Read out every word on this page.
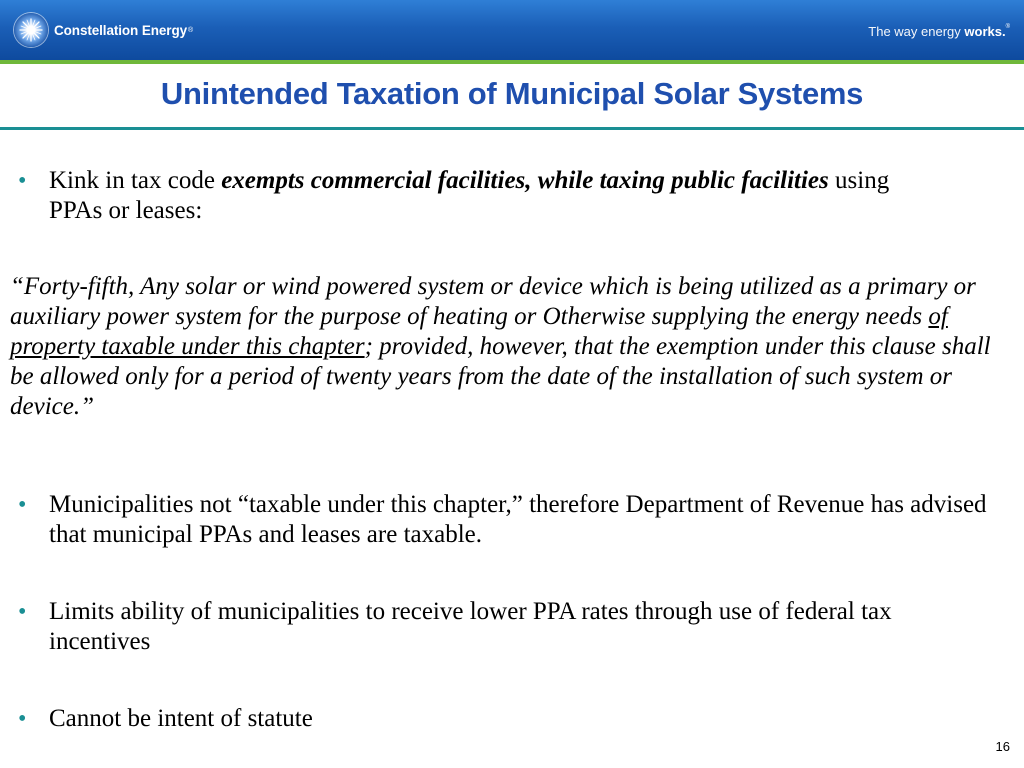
Constellation Energy ®	The way energy works.®
Unintended Taxation of Municipal Solar Systems
• Kink in tax code exempts commercial facilities, while taxing public facilities using PPAs or leases:
“Forty-fifth, Any solar or wind powered system or device which is being utilized as a primary or auxiliary power system for the purpose of heating or Otherwise supplying the energy needs of property taxable under this chapter; provided, however, that the exemption under this clause shall be allowed only for a period of twenty years from the date of the installation of such system or device.”
• Municipalities not “taxable under this chapter,” therefore Department of Revenue has advised that municipal PPAs and leases are taxable.
• Limits ability of municipalities to receive lower PPA rates through use of federal tax incentives
• Cannot be intent of statute
16
